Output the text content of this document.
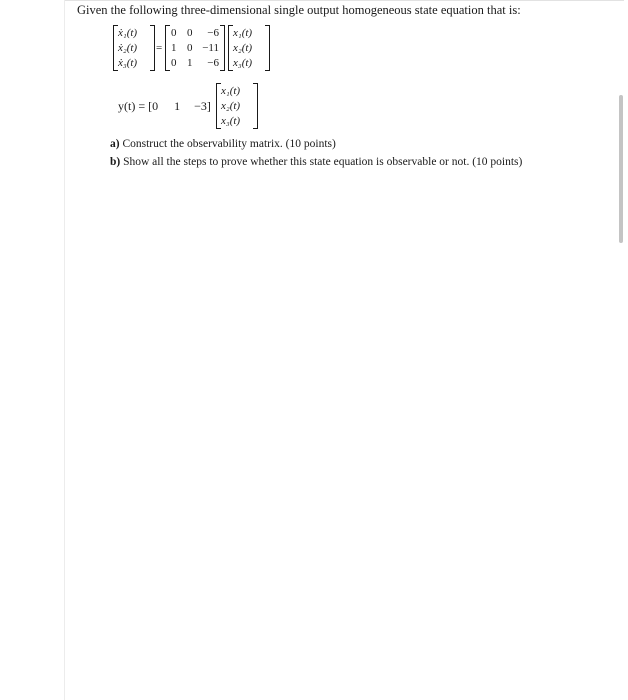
Given the following three-dimensional single output homogeneous state equation that is:
ẋ₁(t)
ẋ₂(t)
ẋ₃(t)
=
0 0	−6
1 0 −11
0 1	−6
x₁(t)
x₂(t)
x₃(t)
y(t) = [0 1 −3]
x₁(t)
x₂(t)
x₃(t)
a) Construct the observability matrix. (10 points)
b) Show all the steps to prove whether this state equation is observable or not. (10 points)
